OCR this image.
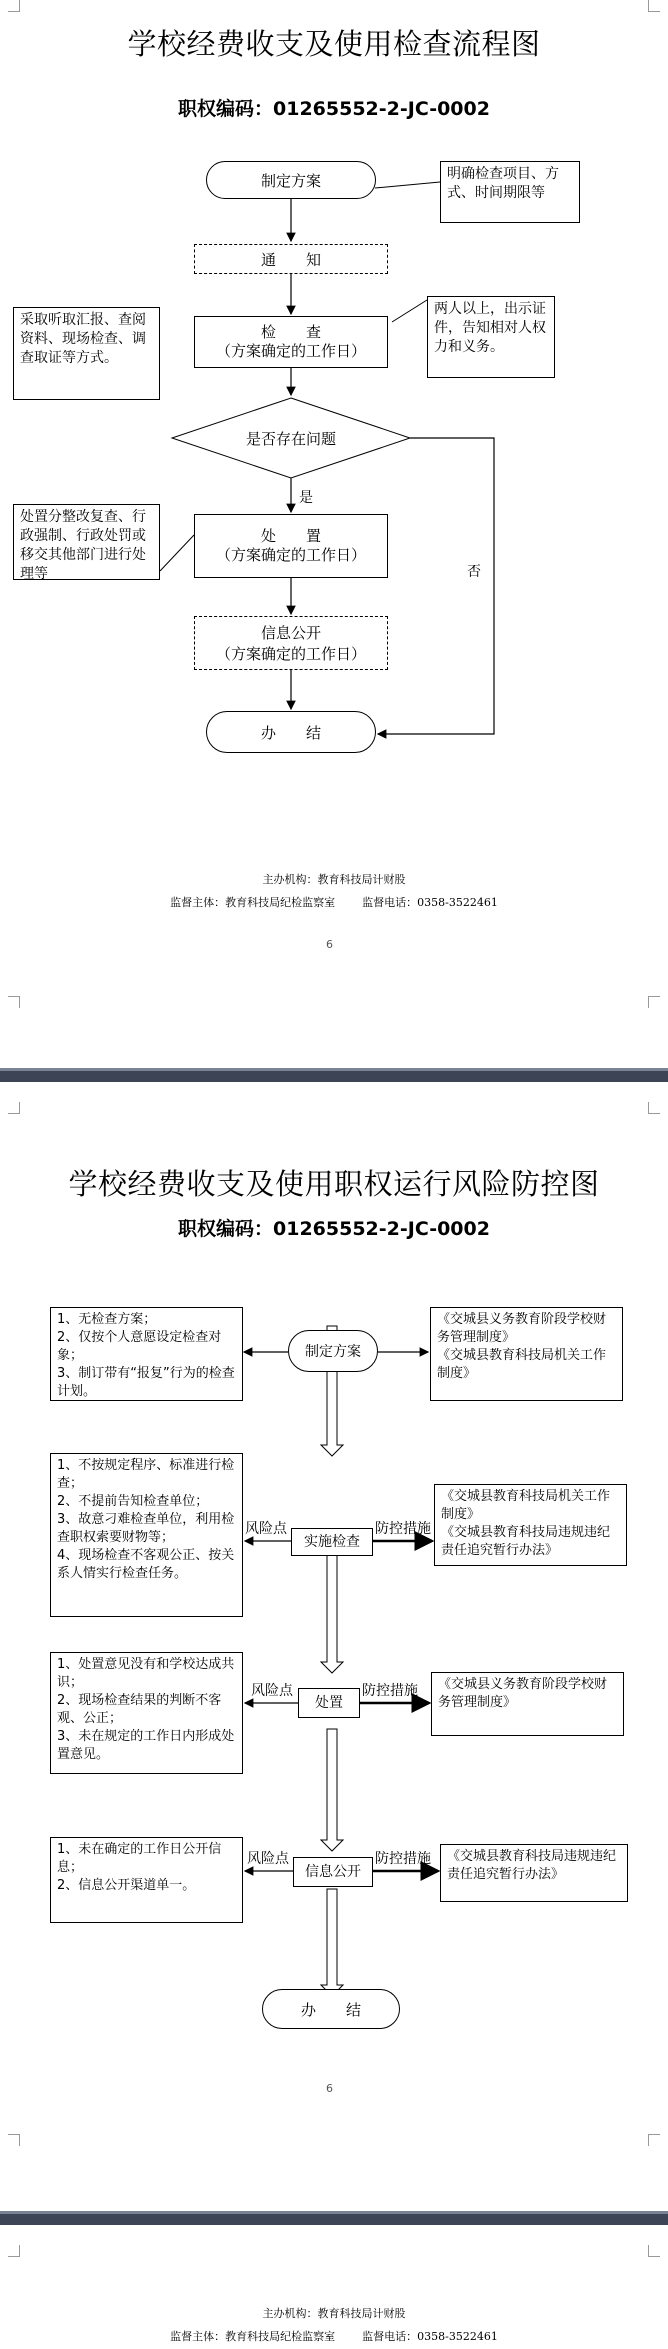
学校经费收支及使用检查流程图
职权编码：01265552-2-JC-0002
制定方案
通　　知
检　　查
（方案确定的工作日）
是否存在问题
是
否
处　　置
（方案确定的工作日）
信息公开
（方案确定的工作日）
办　　结
明确检查项目、方式、时间期限等
采取听取汇报、查阅资料、现场检查、调查取证等方式。
两人以上，出示证件，告知相对人权力和义务。
处置分整改复查、行政强制、行政处罚或移交其他部门进行处理等
主办机构：教育科技局计财股
监督主体：教育科技局纪检监察室 监督电话：0358-3522461
6
学校经费收支及使用职权运行风险防控图
职权编码：01265552-2-JC-0002
制定方案
实施检查
处置
信息公开
办　　结
风险点	防控措施
风险点	防控措施
风险点	防控措施
1、无检查方案；
2、仅按个人意愿设定检查对象；
3、制订带有“报复”行为的检查计划。
1、不按规定程序、标准进行检查；
2、不提前告知检查单位；
3、故意刁难检查单位，利用检查职权索要财物等；
4、现场检查不客观公正、按关系人情实行检查任务。
1、处置意见没有和学校达成共识；
2、现场检查结果的判断不客观、公正；
3、未在规定的工作日内形成处置意见。
1、未在确定的工作日公开信息；
2、信息公开渠道单一。
《交城县义务教育阶段学校财务管理制度》
《交城县教育科技局机关工作制度》
《交城县教育科技局机关工作制度》
《交城县教育科技局违规违纪责任追究暂行办法》
《交城县义务教育阶段学校财务管理制度》
《交城县教育科技局违规违纪责任追究暂行办法》
6
主办机构：教育科技局计财股
监督主体：教育科技局纪检监察室 监督电话：0358-3522461
